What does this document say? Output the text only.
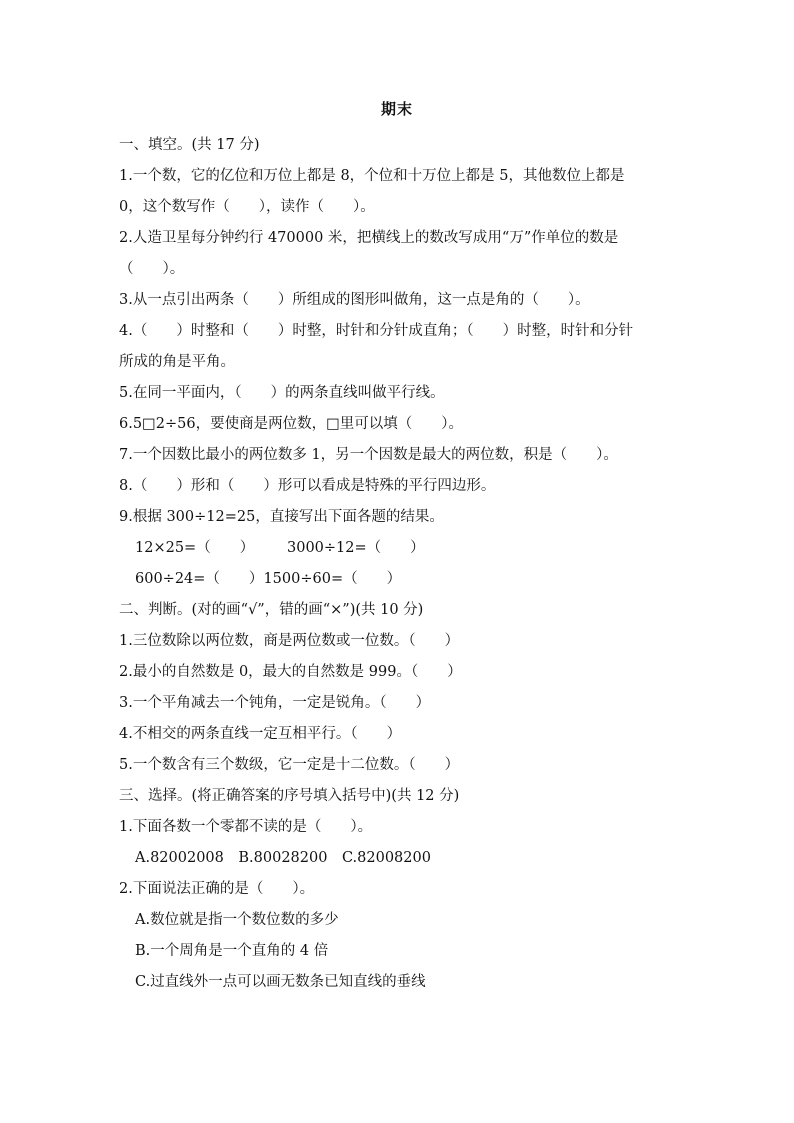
期末
一、填空。(共 17 分)
1.一个数，它的亿位和万位上都是 8，个位和十万位上都是 5，其他数位上都是
0，这个数写作（　　），读作（　　）。
2.人造卫星每分钟约行 470000 米，把横线上的数改写成用“万”作单位的数是
（　　）。
3.从一点引出两条（　　）所组成的图形叫做角，这一点是角的（　　）。
4.（　　）时整和（　　）时整，时针和分针成直角；（　　）时整，时针和分针
所成的角是平角。
5.在同一平面内，（　　）的两条直线叫做平行线。
6.5□2÷56，要使商是两位数，□里可以填（　　）。
7.一个因数比最小的两位数多 1，另一个因数是最大的两位数，积是（　　）。
8.（　　）形和（　　）形可以看成是特殊的平行四边形。
9.根据 300÷12=25，直接写出下面各题的结果。
12×25=（　　） 3000÷12=（　　）
600÷24=（　　）1500÷60=（　　）
二、判断。(对的画“√”，错的画“×”)(共 10 分)
1.三位数除以两位数，商是两位数或一位数。（　　）
2.最小的自然数是 0，最大的自然数是 999。（　　）
3.一个平角减去一个钝角，一定是锐角。（　　）
4.不相交的两条直线一定互相平行。（　　）
5.一个数含有三个数级，它一定是十二位数。（　　）
三、选择。(将正确答案的序号填入括号中)(共 12 分)
1.下面各数一个零都不读的是（　　）。
A.82002008　B.80028200　C.82008200
2.下面说法正确的是（　　）。
A.数位就是指一个数位数的多少
B.一个周角是一个直角的 4 倍
C.过直线外一点可以画无数条已知直线的垂线
